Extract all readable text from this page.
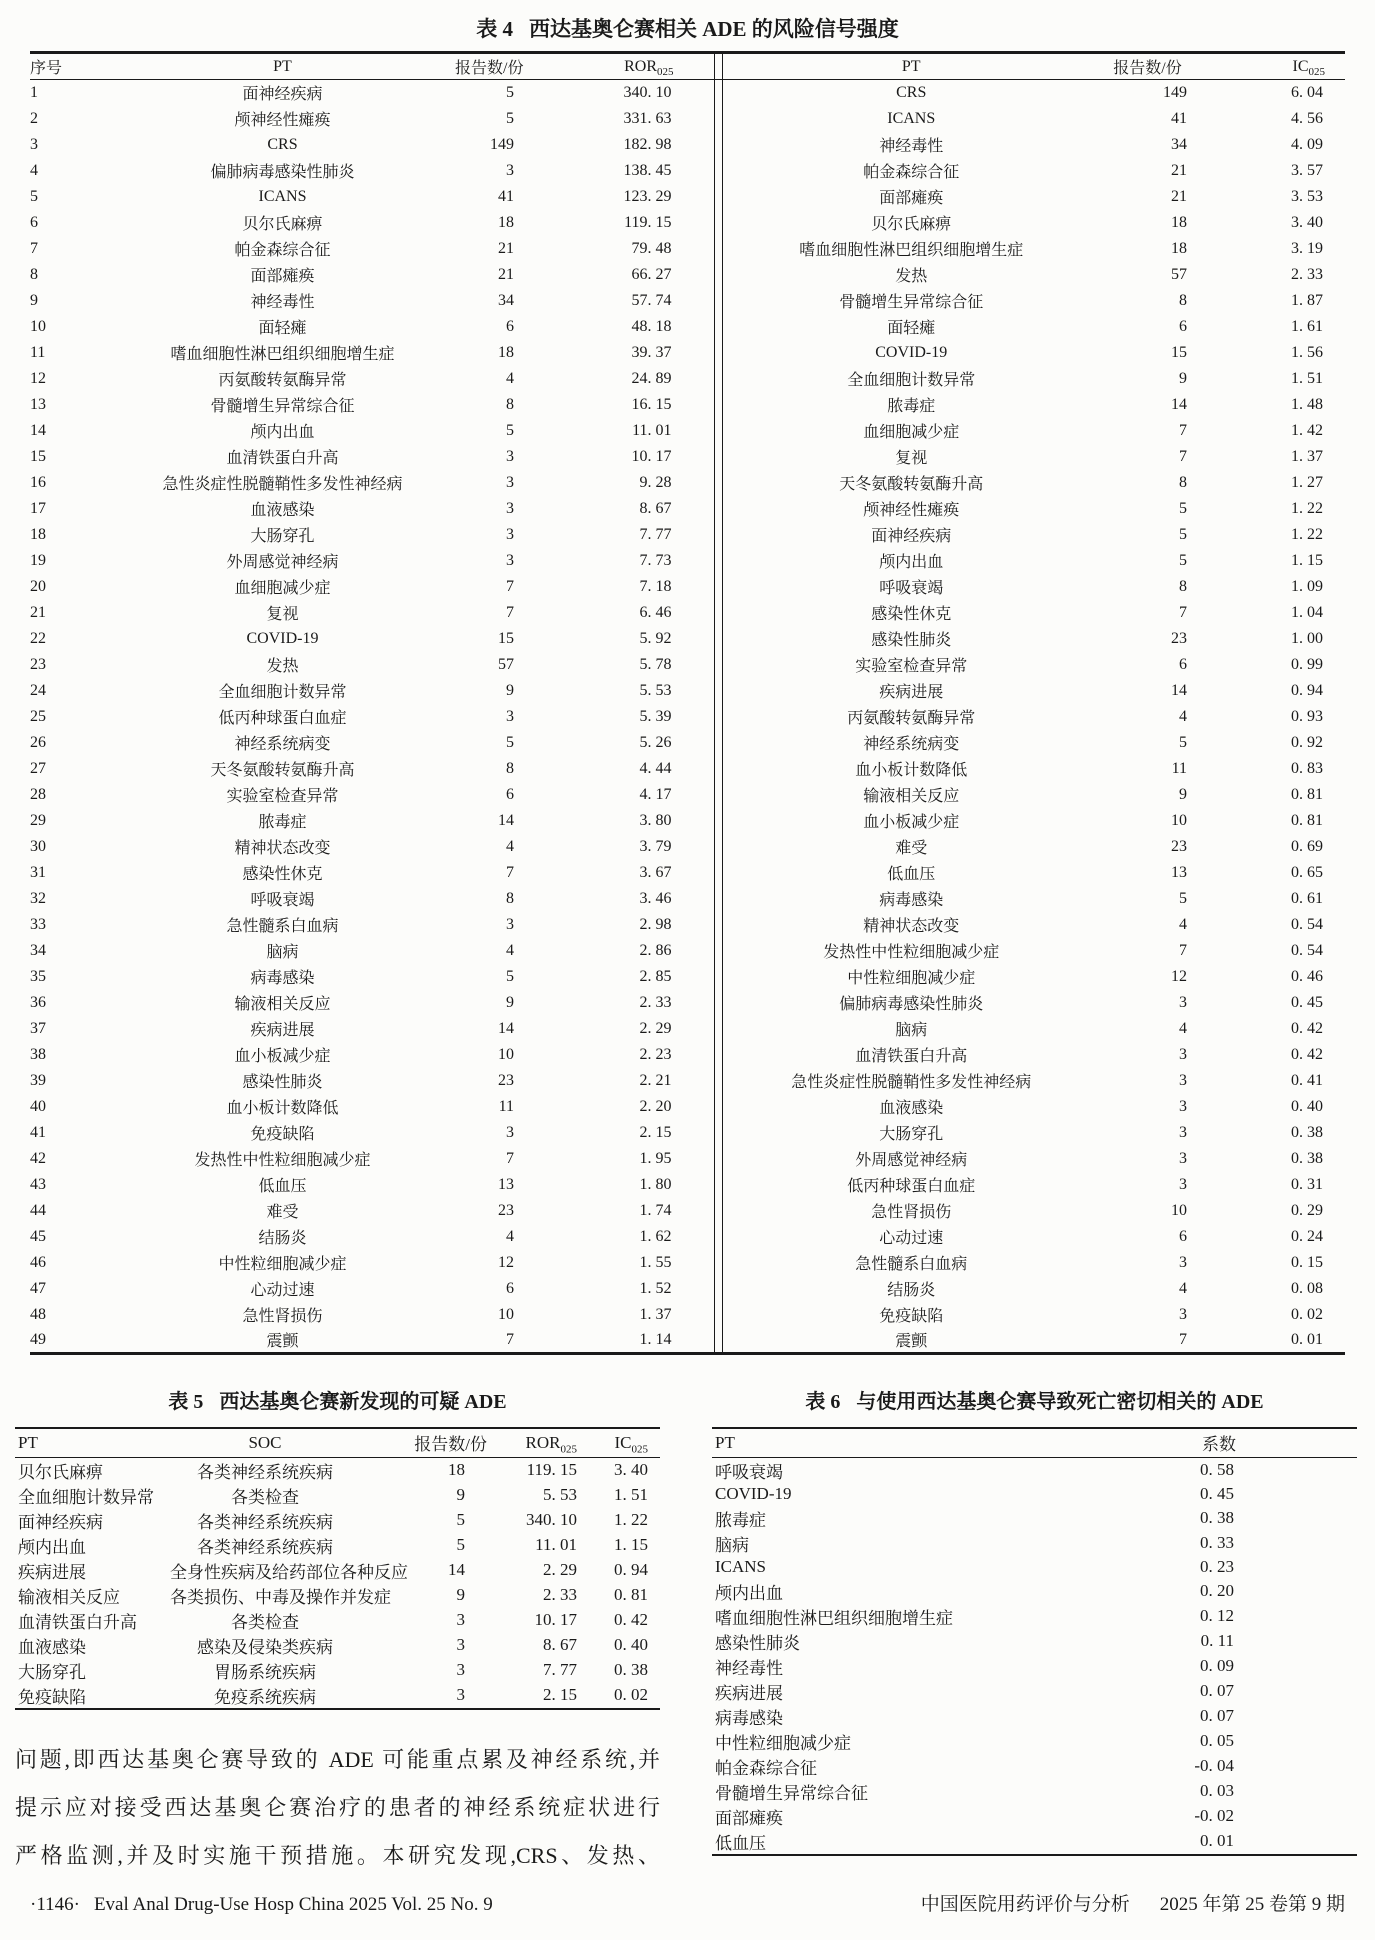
表 4 西达基奥仑赛相关 ADE 的风险信号强度
序号	PT	报告数/份	$ROR_{025}$		PT	报告数/份	$IC_{025}$
1	面神经疾病	5	340. 10		CRS	149	6. 04
2	颅神经性瘫痪	5	331. 63		ICANS	41	4. 56
3	CRS	149	182. 98		神经毒性	34	4. 09
4	偏肺病毒感染性肺炎	3	138. 45		帕金森综合征	21	3. 57
5	ICANS	41	123. 29		面部瘫痪	21	3. 53
6	贝尔氏麻痹	18	119. 15		贝尔氏麻痹	18	3. 40
7	帕金森综合征	21	79. 48		嗜血细胞性淋巴组织细胞增生症	18	3. 19
8	面部瘫痪	21	66. 27		发热	57	2. 33
9	神经毒性	34	57. 74		骨髓增生异常综合征	8	1. 87
10	面轻瘫	6	48. 18		面轻瘫	6	1. 61
11	嗜血细胞性淋巴组织细胞增生症	18	39. 37		COVID-19	15	1. 56
12	丙氨酸转氨酶异常	4	24. 89		全血细胞计数异常	9	1. 51
13	骨髓增生异常综合征	8	16. 15		脓毒症	14	1. 48
14	颅内出血	5	11. 01		血细胞减少症	7	1. 42
15	血清铁蛋白升高	3	10. 17		复视	7	1. 37
16	急性炎症性脱髓鞘性多发性神经病	3	9. 28		天冬氨酸转氨酶升高	8	1. 27
17	血液感染	3	8. 67		颅神经性瘫痪	5	1. 22
18	大肠穿孔	3	7. 77		面神经疾病	5	1. 22
19	外周感觉神经病	3	7. 73		颅内出血	5	1. 15
20	血细胞减少症	7	7. 18		呼吸衰竭	8	1. 09
21	复视	7	6. 46		感染性休克	7	1. 04
22	COVID-19	15	5. 92		感染性肺炎	23	1. 00
23	发热	57	5. 78		实验室检查异常	6	0. 99
24	全血细胞计数异常	9	5. 53		疾病进展	14	0. 94
25	低丙种球蛋白血症	3	5. 39		丙氨酸转氨酶异常	4	0. 93
26	神经系统病变	5	5. 26		神经系统病变	5	0. 92
27	天冬氨酸转氨酶升高	8	4. 44		血小板计数降低	11	0. 83
28	实验室检查异常	6	4. 17		输液相关反应	9	0. 81
29	脓毒症	14	3. 80		血小板减少症	10	0. 81
30	精神状态改变	4	3. 79		难受	23	0. 69
31	感染性休克	7	3. 67		低血压	13	0. 65
32	呼吸衰竭	8	3. 46		病毒感染	5	0. 61
33	急性髓系白血病	3	2. 98		精神状态改变	4	0. 54
34	脑病	4	2. 86		发热性中性粒细胞减少症	7	0. 54
35	病毒感染	5	2. 85		中性粒细胞减少症	12	0. 46
36	输液相关反应	9	2. 33		偏肺病毒感染性肺炎	3	0. 45
37	疾病进展	14	2. 29		脑病	4	0. 42
38	血小板减少症	10	2. 23		血清铁蛋白升高	3	0. 42
39	感染性肺炎	23	2. 21		急性炎症性脱髓鞘性多发性神经病	3	0. 41
40	血小板计数降低	11	2. 20		血液感染	3	0. 40
41	免疫缺陷	3	2. 15		大肠穿孔	3	0. 38
42	发热性中性粒细胞减少症	7	1. 95		外周感觉神经病	3	0. 38
43	低血压	13	1. 80		低丙种球蛋白血症	3	0. 31
44	难受	23	1. 74		急性肾损伤	10	0. 29
45	结肠炎	4	1. 62		心动过速	6	0. 24
46	中性粒细胞减少症	12	1. 55		急性髓系白血病	3	0. 15
47	心动过速	6	1. 52		结肠炎	4	0. 08
48	急性肾损伤	10	1. 37		免疫缺陷	3	0. 02
49	震颤	7	1. 14		震颤	7	0. 01
表 5 西达基奥仑赛新发现的可疑 ADE
PT	SOC	报告数/份	$ROR_{025}$	$IC_{025}$
贝尔氏麻痹	各类神经系统疾病	18	119. 15	3. 40
全血细胞计数异常	各类检查	9	5. 53	1. 51
面神经疾病	各类神经系统疾病	5	340. 10	1. 22
颅内出血	各类神经系统疾病	5	11. 01	1. 15
疾病进展	全身性疾病及给药部位各种反应	14	2. 29	0. 94
输液相关反应	各类损伤、中毒及操作并发症	9	2. 33	0. 81
血清铁蛋白升高	各类检查	3	10. 17	0. 42
血液感染	感染及侵染类疾病	3	8. 67	0. 40
大肠穿孔	胃肠系统疾病	3	7. 77	0. 38
免疫缺陷	免疫系统疾病	3	2. 15	0. 02
问题,即西达基奥仑赛导致的 ADE 可能重点累及神经系统,并
提示应对接受西达基奥仑赛治疗的患者的神经系统症状进行
严格监测,并及时实施干预措施。本研究发现,CRS、发热、
表 6 与使用西达基奥仑赛导致死亡密切相关的 ADE
PT	系数
呼吸衰竭	0. 58
COVID-19	0. 45
脓毒症	0. 38
脑病	0. 33
ICANS	0. 23
颅内出血	0. 20
嗜血细胞性淋巴组织细胞增生症	0. 12
感染性肺炎	0. 11
神经毒性	0. 09
疾病进展	0. 07
病毒感染	0. 07
中性粒细胞减少症	0. 05
帕金森综合征	-0. 04
骨髓增生异常综合征	0. 03
面部瘫痪	-0. 02
低血压	0. 01
·1146· Eval Anal Drug-Use Hosp China 2025 Vol. 25 No. 9	中国医院用药评价与分析 2025 年第 25 卷第 9 期
